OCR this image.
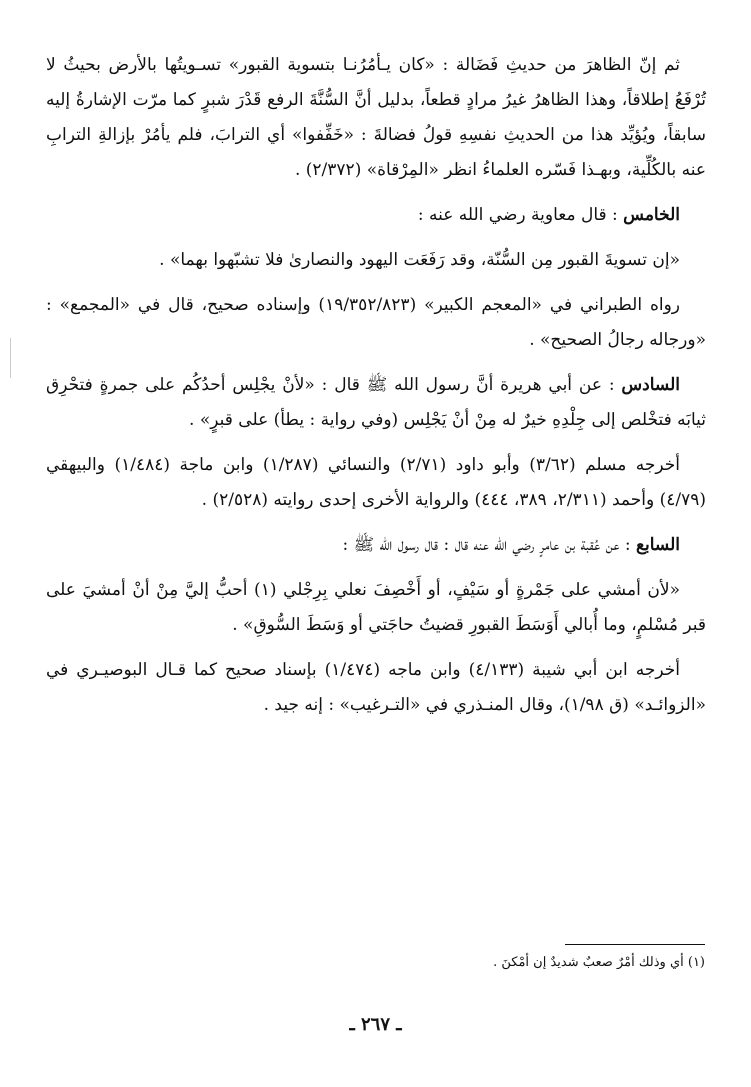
ثم إنّ الظاهرَ من حديثِ فَضَالة : «كان يـأمُرُنـا بتسوية القبور» تسـويتُها بالأرض بحيثُ لا تُرْفَعُ إطلاقاً، وهذا الظاهرُ غيرُ مرادٍ قطعاً، بدليل أنَّ السُّنَّةَ الرفع قَدْرَ شبرٍ كما مرّت الإشارةُ إليه سابقاً، ويُؤيِّد هذا من الحديثِ نفسِهِ قولُ فضالةَ : «خَفِّفوا» أي الترابَ، فلم يأمُرْ بإزالةِ الترابِ عنه بالكُلِّية، وبهـذا فَسّره العلماءُ انظر «المِرْقاة» (٢/٣٧٢) .

الخامس : قال معاوية رضي الله عنه :

«إن تسويةَ القبور مِن السُّنّة، وقد رَفَعَت اليهود والنصارىٰ فلا تشبّهوا بهما» .

رواه الطبراني في «المعجم الكبير» (١٩/٣٥٢/٨٢٣) وإسناده صحيح، قال في «المجمع» : «ورجاله رجالُ الصحيح» .

السادس : عن أبي هريرة أنَّ رسول الله ﷺ قال : «لأنْ يجْلِس أحدُكُم على جمرةٍ فتحْرِق ثيابَه فتخْلص إلى جِلْدِهِ خيرٌ له مِنْ أنْ يَجْلِس (وفي رواية : يطأ) على قبرٍ» .

أخرجه مسلم (٣/٦٢) وأبو داود (٢/٧١) والنسائي (١/٢٨٧) وابن ماجة (١/٤٨٤) والبيهقي (٤/٧٩) وأحمد (٢/٣١١، ٣٨٩، ٤٤٤) والرواية الأخرى إحدى روايته (٢/٥٢٨) .

السابع : عن عُقبة بن عامرٍ رضي الله عنه قال : قال رسول الله ﷺ :

«لأن أمشي على جَمْرةٍ أو سَيْفٍ، أو أَخْصِفَ نعلي بِرِجْلي (١) أحبُّ إليَّ مِنْ أنْ أمشيَ على قبر مُسْلمٍ، وما أُبالي أَوَسَطَ القبورِ قضيتُ حاجَتي أو وَسَطَ السُّوقِ» .

أخرجه ابن أبي شيبة (٤/١٣٣) وابن ماجه (١/٤٧٤) بإسناد صحيح كما قـال البوصيـري في «الزوائـد» (ق ١/٩٨)، وقال المنـذري في «التـرغيب» : إنه جيد .

(١) أي وذلك أمْرٌ صعبٌ شديدٌ إن أمْكنَ .
ـ ٢٦٧ ـ
